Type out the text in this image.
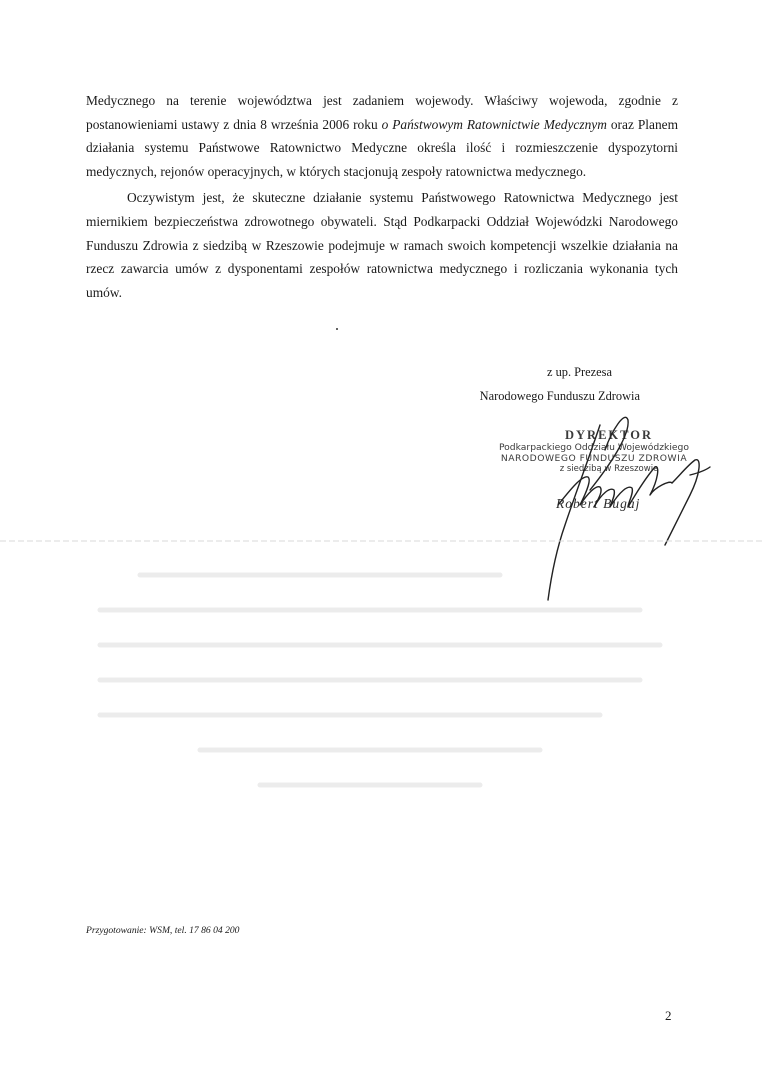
Medycznego na terenie województwa jest zadaniem wojewody. Właściwy wojewoda, zgodnie z postanowieniami ustawy z dnia 8 września 2006 roku o Państwowym Ratownictwie Medycznym oraz Planem działania systemu Państwowe Ratownictwo Medyczne określa ilość i rozmieszczenie dyspozytorni medycznych, rejonów operacyjnych, w których stacjonują zespoły ratownictwa medycznego.

Oczywistym jest, że skuteczne działanie systemu Państwowego Ratownictwa Medycznego jest miernikiem bezpieczeństwa zdrowotnego obywateli. Stąd Podkarpacki Oddział Wojewódzki Narodowego Funduszu Zdrowia z siedzibą w Rzeszowie podejmuje w ramach swoich kompetencji wszelkie działania na rzecz zawarcia umów z dysponentami zespołów ratownictwa medycznego i rozliczania wykonania tych umów.

z up. Prezesa
Narodowego Funduszu Zdrowia
DYREKTOR
Podkarpackiego Oddziału Wojewódzkiego
NARODOWEGO FUNDUSZU ZDROWIA
z siedzibą w Rzeszowie
Robert Bugaj
Przygotowanie: WSM, tel. 17 86 04 200
2
